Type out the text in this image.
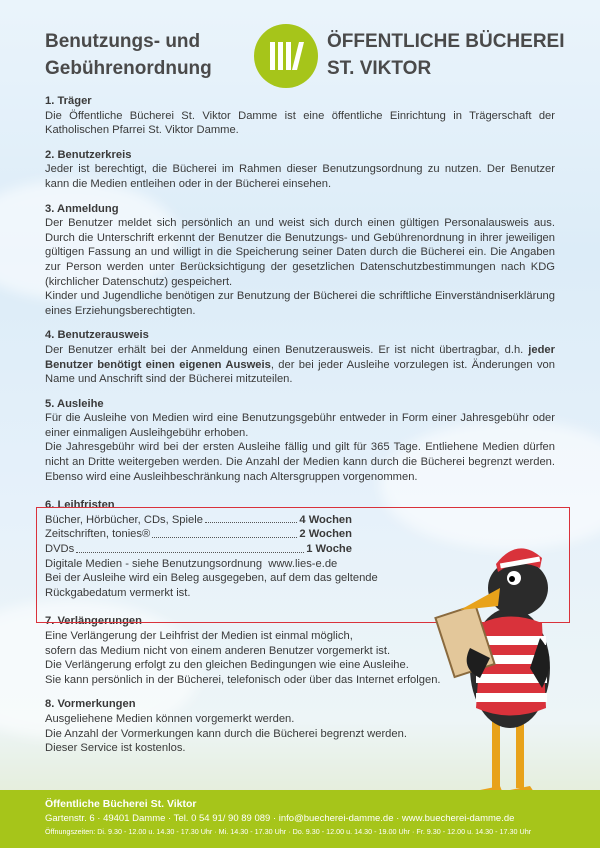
Benutzungs- und
Gebührenordnung
ÖFFENTLICHE BÜCHEREI
ST. VIKTOR
1. Träger

Die Öffentliche Bücherei St. Viktor Damme ist eine öffentliche Einrichtung in Trägerschaft der Katholischen Pfarrei St. Viktor Damme.

2. Benutzerkreis

Jeder ist berechtigt, die Bücherei im Rahmen dieser Benutzungsordnung zu nutzen. Der Benutzer kann die Medien entleihen oder in der Bücherei einsehen.

3. Anmeldung

Der Benutzer meldet sich persönlich an und weist sich durch einen gültigen Personalausweis aus. Durch die Unterschrift erkennt der Benutzer die Benutzungs- und Gebührenordnung in ihrer jeweiligen gültigen Fassung an und willigt in die Speicherung seiner Daten durch die Bücherei ein. Die Angaben zur Person werden unter Berücksichtigung der gesetzlichen Datenschutzbestimmungen nach KDG (kirchlicher Datenschutz) gespeichert.

Kinder und Jugendliche benötigen zur Benutzung der Bücherei die schriftliche Einverständniserklärung eines Erziehungsberechtigten.

4. Benutzerausweis

Der Benutzer erhält bei der Anmeldung einen Benutzerausweis. Er ist nicht übertragbar, d.h. jeder Benutzer benötigt einen eigenen Ausweis, der bei jeder Ausleihe vorzulegen ist. Änderungen von Name und Anschrift sind der Bücherei mitzuteilen.

5. Ausleihe

Für die Ausleihe von Medien wird eine Benutzungsgebühr entweder in Form einer Jahresgebühr oder einer einmaligen Ausleihgebühr erhoben.

Die Jahresgebühr wird bei der ersten Ausleihe fällig und gilt für 365 Tage. Entliehene Medien dürfen nicht an Dritte weitergeben werden. Die Anzahl der Medien kann durch die Bücherei begrenzt werden. Ebenso wird eine Ausleihbeschränkung nach Altersgruppen vorgenommen.

6. Leihfristen
Bücher, Hörbücher, CDs, Spiele	4 Wochen
Zeitschriften, tonies®	2 Wochen
DVDs	1 Woche

Digitale Medien - siehe Benutzungsordnung  www.lies-e.de

Bei der Ausleihe wird ein Beleg ausgegeben, auf dem das geltende Rückgabedatum vermerkt ist.

7. Verlängerungen

Eine Verlängerung der Leihfrist der Medien ist einmal möglich,

sofern das Medium nicht von einem anderen Benutzer vorgemerkt ist.

Die Verlängerung erfolgt zu den gleichen Bedingungen wie eine Ausleihe.

Sie kann persönlich in der Bücherei, telefonisch oder über das Internet erfolgen.

8. Vormerkungen

Ausgeliehene Medien können vorgemerkt werden.

Die Anzahl der Vormerkungen kann durch die Bücherei begrenzt werden.

Dieser Service ist kostenlos.

Öffentliche Bücherei St. Viktor
Gartenstr. 6 · 49401 Damme · Tel. 0 54 91/ 90 89 089 · info@buecherei-damme.de · www.buecherei-damme.de
Öffnungszeiten: Di. 9.30 - 12.00 u. 14.30 - 17.30 Uhr · Mi. 14.30 - 17.30 Uhr · Do. 9.30 - 12.00 u. 14.30 - 19.00 Uhr · Fr. 9.30 - 12.00 u. 14.30 - 17.30 Uhr
